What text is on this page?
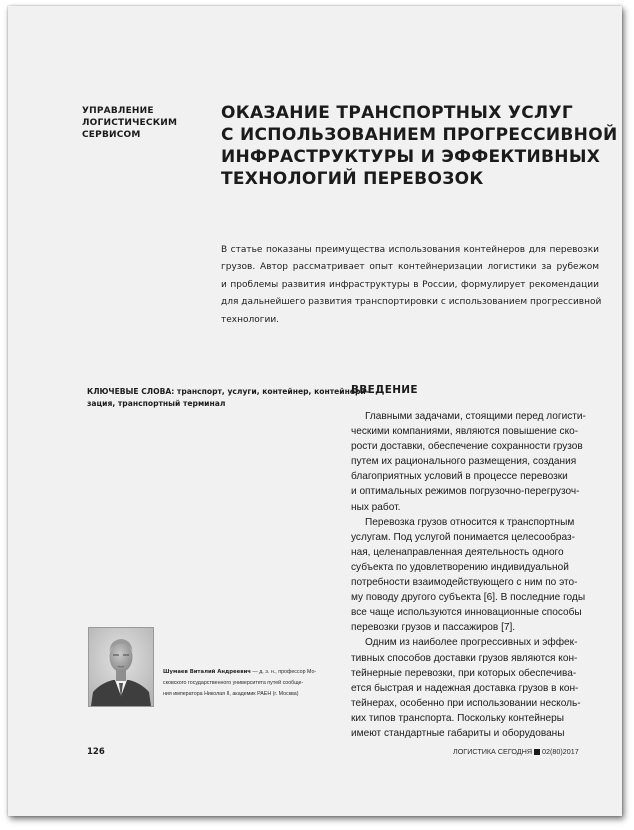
УПРАВЛЕНИЕ
ЛОГИСТИЧЕСКИМ
СЕРВИСОМ
ОКАЗАНИЕ ТРАНСПОРТНЫХ УСЛУГ
С ИСПОЛЬЗОВАНИЕМ ПРОГРЕССИВНОЙ
ИНФРАСТРУКТУРЫ И ЭФФЕКТИВНЫХ
ТЕХНОЛОГИЙ ПЕРЕВОЗОК
В статье показаны преимущества использования контейнеров для перевозки
грузов. Автор рассматривает опыт контейнеризации логистики за рубежом
и проблемы развития инфраструктуры в России, формулирует рекомендации
для дальнейшего развития транспортировки с использованием прогрессивной
технологии.
КЛЮЧЕВЫЕ СЛОВА: транспорт, услуги, контейнер, контейнери-
зация, транспортный терминал
ВВЕДЕНИЕ
Главными задачами, стоящими перед логисти-
ческими компаниями, являются повышение ско-
рости доставки, обеспечение сохранности грузов
путем их рационального размещения, создания
благоприятных условий в процессе перевозки
и оптимальных режимов погрузочно-перегрузоч-
ных работ.
Перевозка грузов относится к транспортным
услугам. Под услугой понимается целесообраз-
ная, целенаправленная деятельность одного
субъекта по удовлетворению индивидуальной
потребности взаимодействующего с ним по это-
му поводу другого субъекта [6]. В последние годы
все чаще используются инновационные способы
перевозки грузов и пассажиров [7].
Одним из наиболее прогрессивных и эффек-
тивных способов доставки грузов являются кон-
тейнерные перевозки, при которых обеспечива-
ется быстрая и надежная доставка грузов в кон-
тейнерах, особенно при использовании несколь-
ких типов транспорта. Поскольку контейнеры
имеют стандартные габариты и оборудованы
Шумаев Виталий Андреевич — д. э. н., профессор Мо-
сковского государственного университета путей сообще-
ния императора Николая II, академик РАЕН (г. Москва)
126	ЛОГИСТИКА СЕГОДНЯ 02(80)2017
